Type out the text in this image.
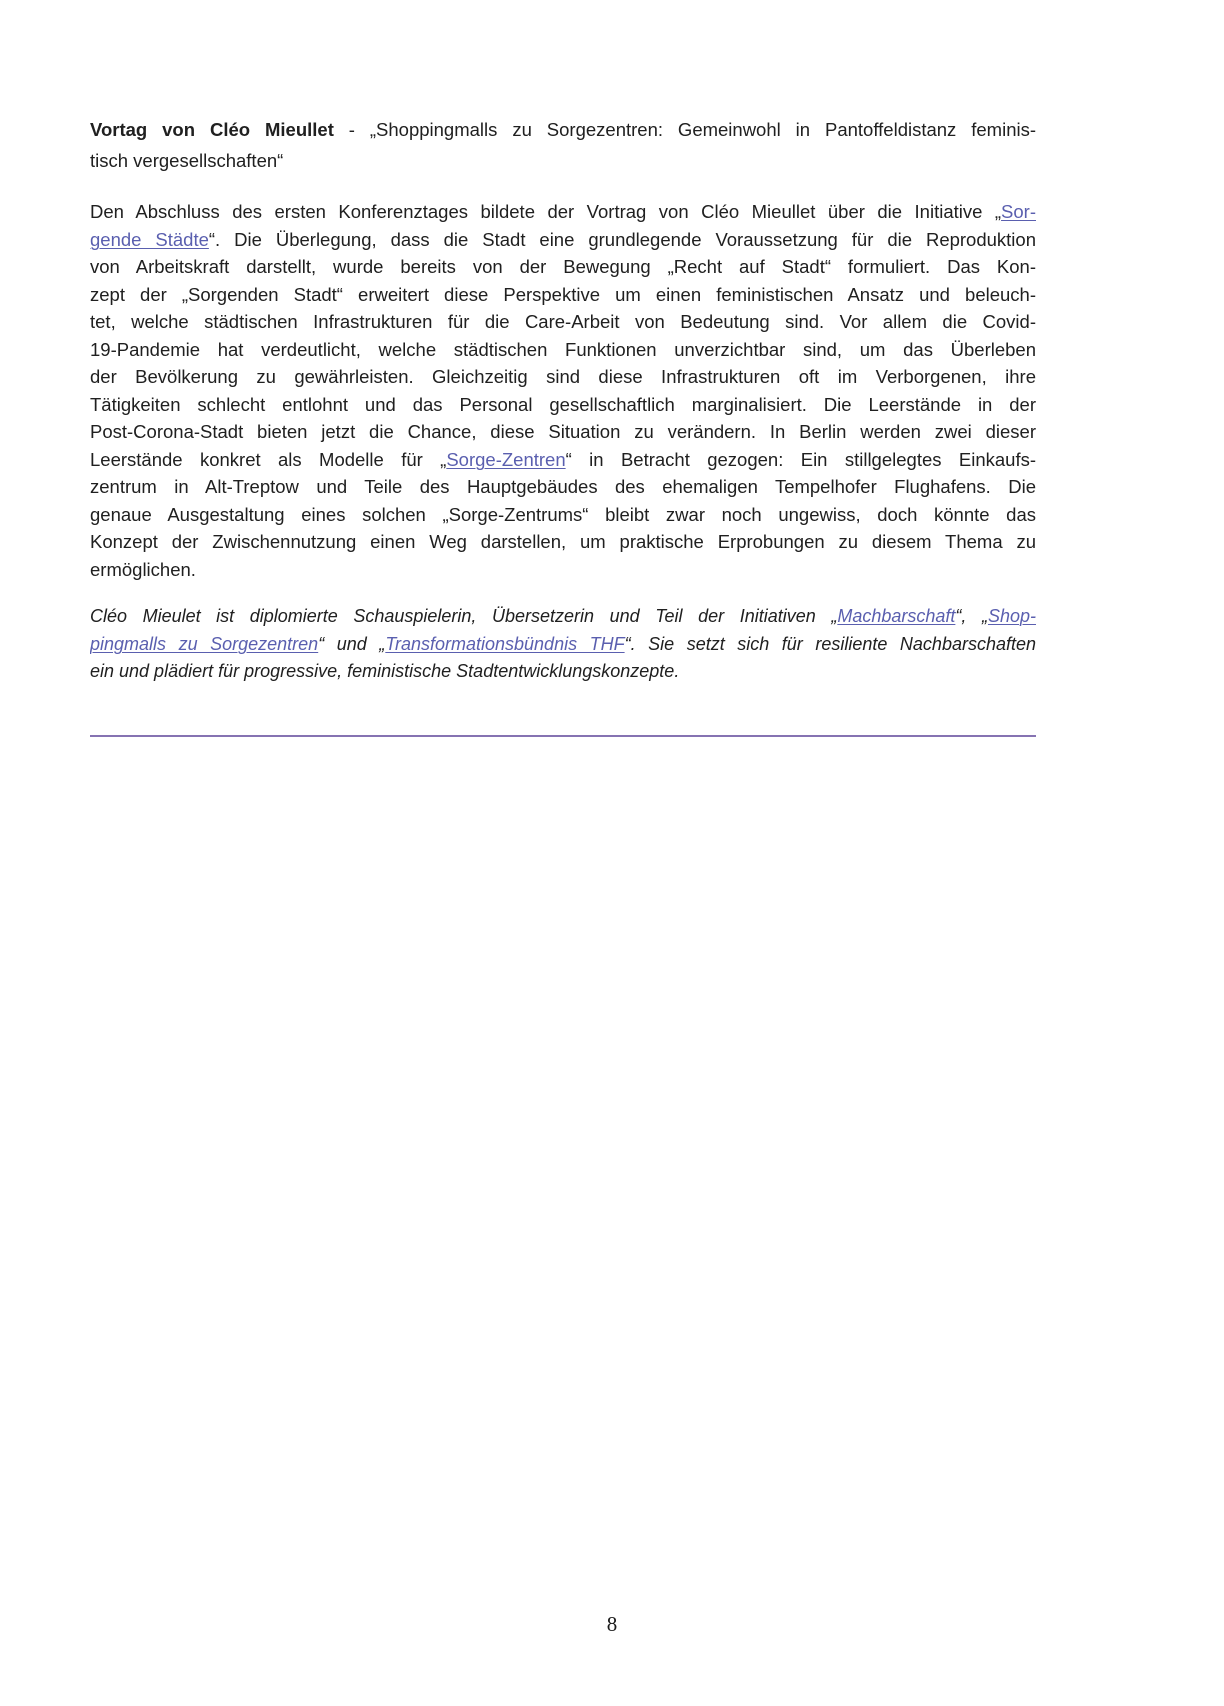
Vortag von Cléo Mieullet - „Shoppingmalls zu Sorgezentren: Gemeinwohl in Pantoffeldistanz feminis-
tisch vergesellschaften“
Den Abschluss des ersten Konferenztages bildete der Vortrag von Cléo Mieullet über die Initiative „Sor-
gende Städte“. Die Überlegung, dass die Stadt eine grundlegende Voraussetzung für die Reproduktion
von Arbeitskraft darstellt, wurde bereits von der Bewegung „Recht auf Stadt“ formuliert. Das Kon-
zept der „Sorgenden Stadt“ erweitert diese Perspektive um einen feministischen Ansatz und beleuch-
tet, welche städtischen Infrastrukturen für die Care-Arbeit von Bedeutung sind. Vor allem die Covid-
19-Pandemie hat verdeutlicht, welche städtischen Funktionen unverzichtbar sind, um das Überleben
der Bevölkerung zu gewährleisten. Gleichzeitig sind diese Infrastrukturen oft im Verborgenen, ihre
Tätigkeiten schlecht entlohnt und das Personal gesellschaftlich marginalisiert. Die Leerstände in der
Post-Corona-Stadt bieten jetzt die Chance, diese Situation zu verändern. In Berlin werden zwei dieser
Leerstände konkret als Modelle für „Sorge-Zentren“ in Betracht gezogen: Ein stillgelegtes Einkaufs-
zentrum in Alt-Treptow und Teile des Hauptgebäudes des ehemaligen Tempelhofer Flughafens. Die
genaue Ausgestaltung eines solchen „Sorge-Zentrums“ bleibt zwar noch ungewiss, doch könnte das
Konzept der Zwischennutzung einen Weg darstellen, um praktische Erprobungen zu diesem Thema zu
ermöglichen.
Cléo Mieulet ist diplomierte Schauspielerin, Übersetzerin und Teil der Initiativen „Machbarschaft“, „Shop-
pingmalls zu Sorgezentren“ und „Transformationsbündnis THF“. Sie setzt sich für resiliente Nachbarschaften
ein und plädiert für progressive, feministische Stadtentwicklungskonzepte.
8
